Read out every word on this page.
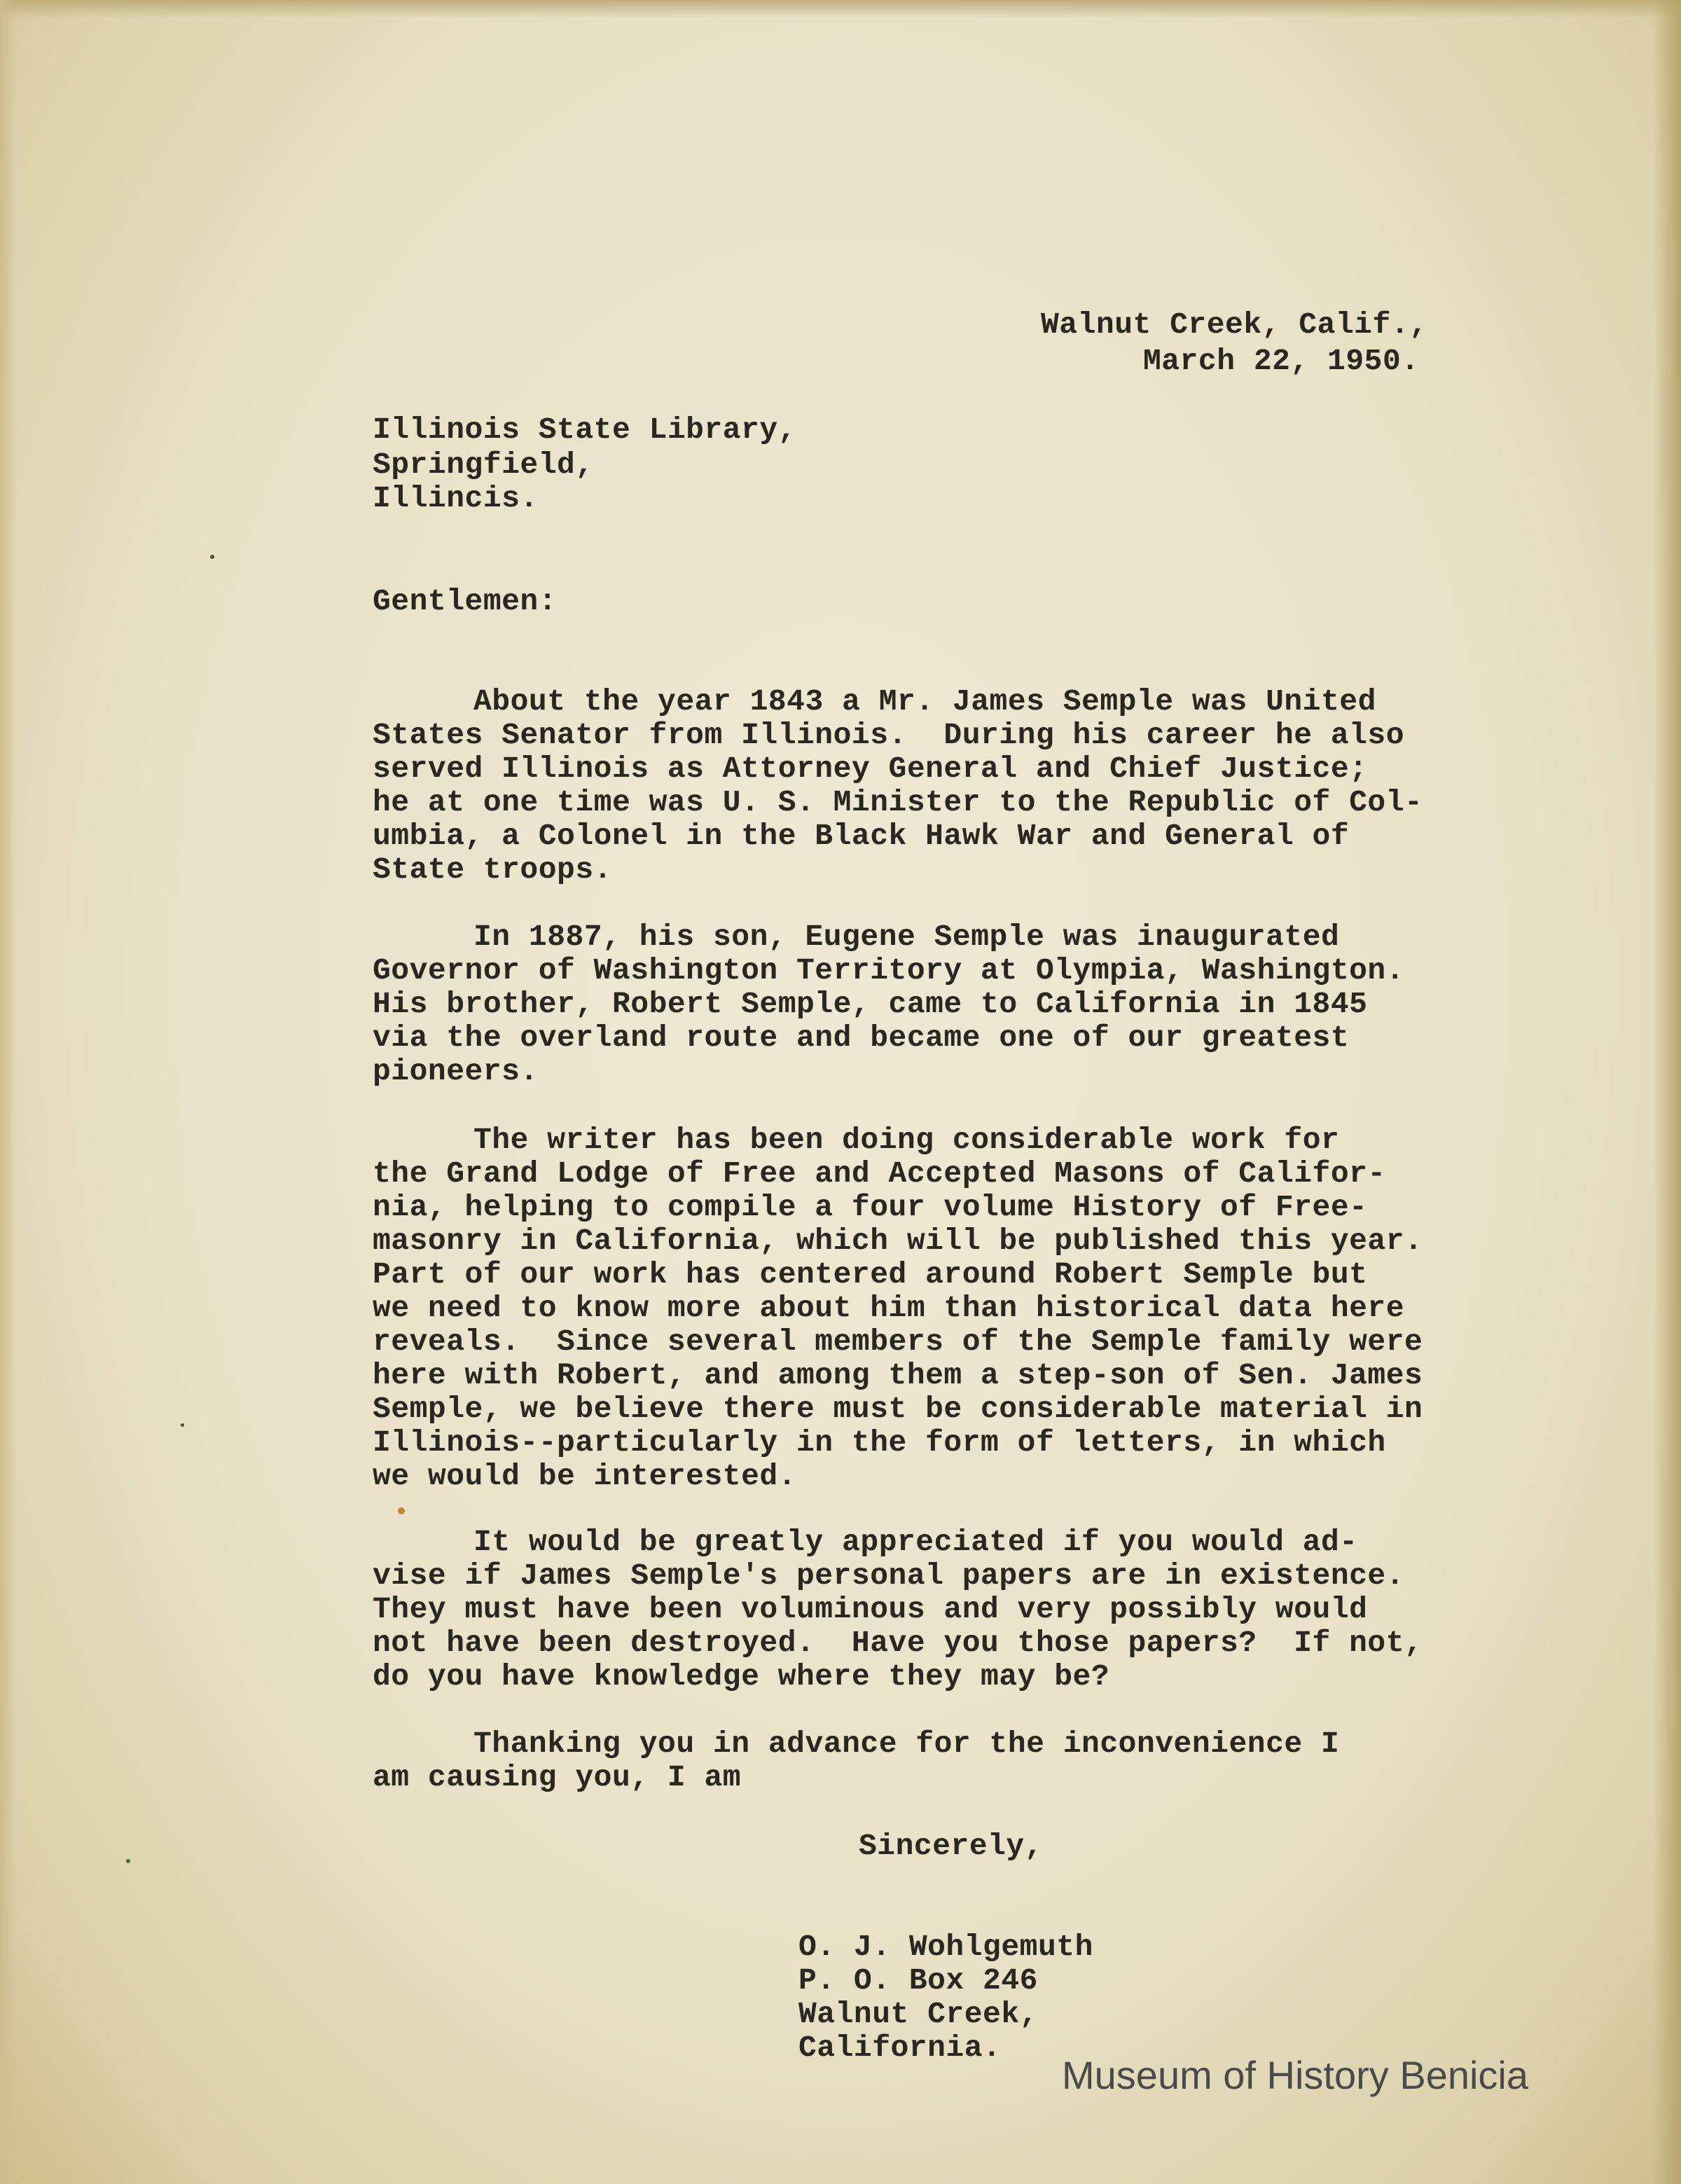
Walnut Creek, Calif.,
March 22, 1950.
Illinois State Library,
Springfield,
Illincis.
Gentlemen:
About the year 1843 a Mr. James Semple was United
States Senator from Illinois.  During his career he also
served Illinois as Attorney General and Chief Justice;
he at one time was U. S. Minister to the Republic of Col-
umbia, a Colonel in the Black Hawk War and General of
State troops.
In 1887, his son, Eugene Semple was inaugurated
Governor of Washington Territory at Olympia, Washington.
His brother, Robert Semple, came to California in 1845
via the overland route and became one of our greatest
pioneers.
The writer has been doing considerable work for
the Grand Lodge of Free and Accepted Masons of Califor-
nia, helping to compile a four volume History of Free-
masonry in California, which will be published this year.
Part of our work has centered around Robert Semple but
we need to know more about him than historical data here
reveals.  Since several members of the Semple family were
here with Robert, and among them a step-son of Sen. James
Semple, we believe there must be considerable material in
Illinois--particularly in the form of letters, in which
we would be interested.
It would be greatly appreciated if you would ad-
vise if James Semple's personal papers are in existence.
They must have been voluminous and very possibly would
not have been destroyed.  Have you those papers?  If not,
do you have knowledge where they may be?
Thanking you in advance for the inconvenience I
am causing you, I am
Sincerely,
O. J. Wohlgemuth
P. O. Box 246
Walnut Creek,
California.
Museum of History Benicia
